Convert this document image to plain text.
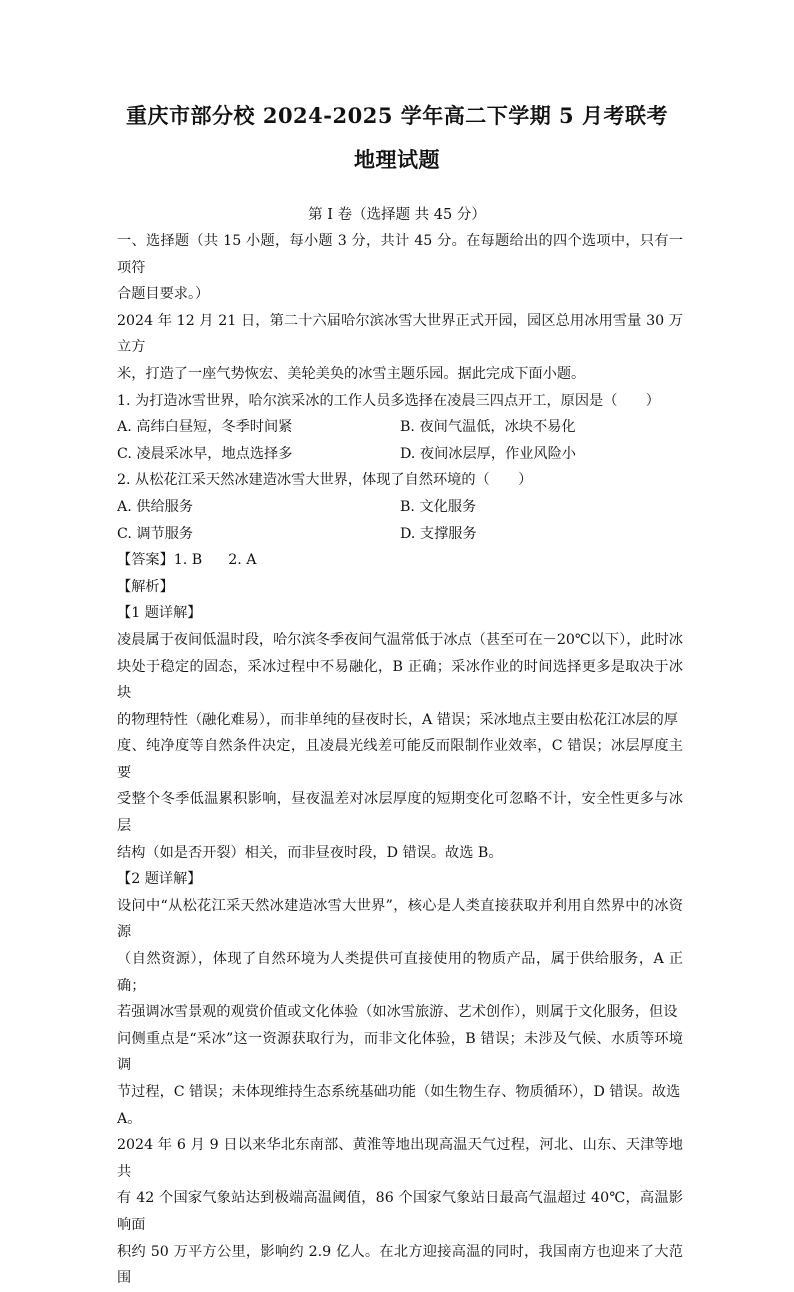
重庆市部分校 2024-2025 学年高二下学期 5 月考联考
地理试题
第 I 卷（选择题 共 45 分）

一、选择题（共 15 小题，每小题 3 分，共计 45 分。在每题给出的四个选项中，只有一项符

合题目要求。）

2024 年 12 月 21 日，第二十六届哈尔滨冰雪大世界正式开园，园区总用冰用雪量 30 万立方

米，打造了一座气势恢宏、美轮美奂的冰雪主题乐园。据此完成下面小题。

1. 为打造冰雪世界，哈尔滨采冰的工作人员多选择在凌晨三四点开工，原因是（　　）

A. 高纬白昼短，冬季时间紧	B. 夜间气温低，冰块不易化
C. 凌晨采冰早，地点选择多	D. 夜间冰层厚，作业风险小

2. 从松花江采天然冰建造冰雪大世界，体现了自然环境的（　　）

A. 供给服务	B. 文化服务
C. 调节服务	D. 支撑服务

【答案】1. B 2. A

【解析】

【1 题详解】

凌晨属于夜间低温时段，哈尔滨冬季夜间气温常低于冰点（甚至可在－20℃以下），此时冰

块处于稳定的固态，采冰过程中不易融化，B 正确；采冰作业的时间选择更多是取决于冰块

的物理特性（融化难易），而非单纯的昼夜时长，A 错误；采冰地点主要由松花江冰层的厚

度、纯净度等自然条件决定，且凌晨光线差可能反而限制作业效率，C 错误；冰层厚度主要

受整个冬季低温累积影响，昼夜温差对冰层厚度的短期变化可忽略不计，安全性更多与冰层

结构（如是否开裂）相关，而非昼夜时段，D 错误。故选 B。

【2 题详解】

设问中“从松花江采天然冰建造冰雪大世界”，核心是人类直接获取并利用自然界中的冰资源

（自然资源），体现了自然环境为人类提供可直接使用的物质产品，属于供给服务，A 正确；

若强调冰雪景观的观赏价值或文化体验（如冰雪旅游、艺术创作），则属于文化服务，但设

问侧重点是“采冰”这一资源获取行为，而非文化体验，B 错误；未涉及气候、水质等环境调

节过程，C 错误；未体现维持生态系统基础功能（如生物生存、物质循环），D 错误。故选

A。

2024 年 6 月 9 日以来华北东南部、黄淮等地出现高温天气过程，河北、山东、天津等地共

有 42 个国家气象站达到极端高温阈值，86 个国家气象站日最高气温超过 40℃，高温影响面

积约 50 万平方公里，影响约 2.9 亿人。在北方迎接高温的同时，我国南方也迎来了大范围
